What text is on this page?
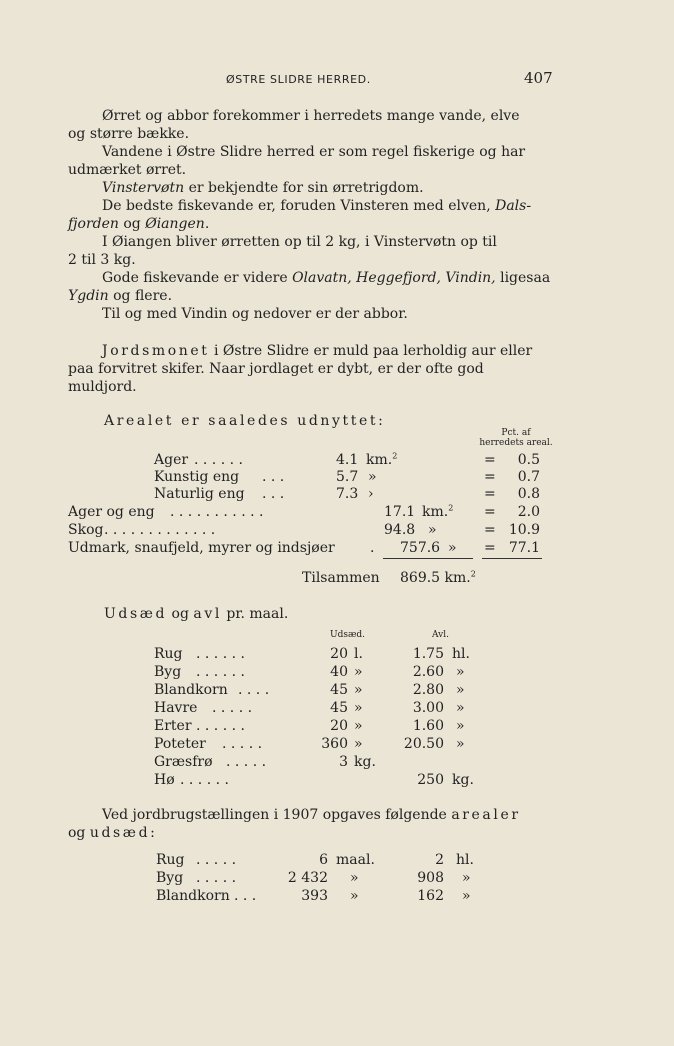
ØSTRE SLIDRE HERRED.	407
Ørret og abbor forekommer i herredets mange vande, elve
og større bække.
Vandene i Østre Slidre herred er som regel fiskerige og har
udmærket ørret.
Vinstervøtn er bekjendte for sin ørretrigdom.
De bedste fiskevande er, foruden Vinsteren med elven, Dals-
fjorden og Øiangen.
I Øiangen bliver ørretten op til 2 kg, i Vinstervøtn op til
2 til 3 kg.
Gode fiskevande er videre Olavatn, Heggefjord, Vindin, ligesaa
Ygdin og flere.
Til og med Vindin og nedover er der abbor.
Jordsmonet i Østre Slidre er muld paa lerholdig aur eller
paa forvitret skifer. Naar jordlaget er dybt, er der ofte god
muldjord.
Arealet er saaledes udnyttet:
Pct. af
herredets areal.
Ager . . . . . .	4.1 km.$^2$	=	0.5
Kunstig eng . . .	5.7 »	=	0.7
Naturlig eng . . .	7.3 ›	=	0.8
Ager og eng . . . . . . . . . . .	17.1 km.$^2$ =	2.0
Skog . . . . . . . . . . . . .	94.8 »	= 10.9
Udmark, snaufjeld, myrer og indsjøer	. 757.6 » = 77.1
Tilsammen 869.5 km.$^2$
Udsæd og avl pr. maal.
Udsæd.	Avl.
Rug . . . . . .	20 l.	1.75 hl.
Byg . . . . . .	40 »	2.60 »
Blandkorn . . . .	45 »	2.80 »
Havre . . . . .	45 »	3.00 »
Erter . . . . . .	20 »	1.60 »
Poteter . . . . .	360 »	20.50 »
Græsfrø . . . . .	3 kg.
Hø . . . . . .	250 kg.
Ved jordbrugstællingen i 1907 opgaves følgende arealer
og udsæd:
Rug . . . . .	6 maal.	2 hl.
Byg . . . . .	2 432 »	908 »
Blandkorn . . .	393 »	162 »
